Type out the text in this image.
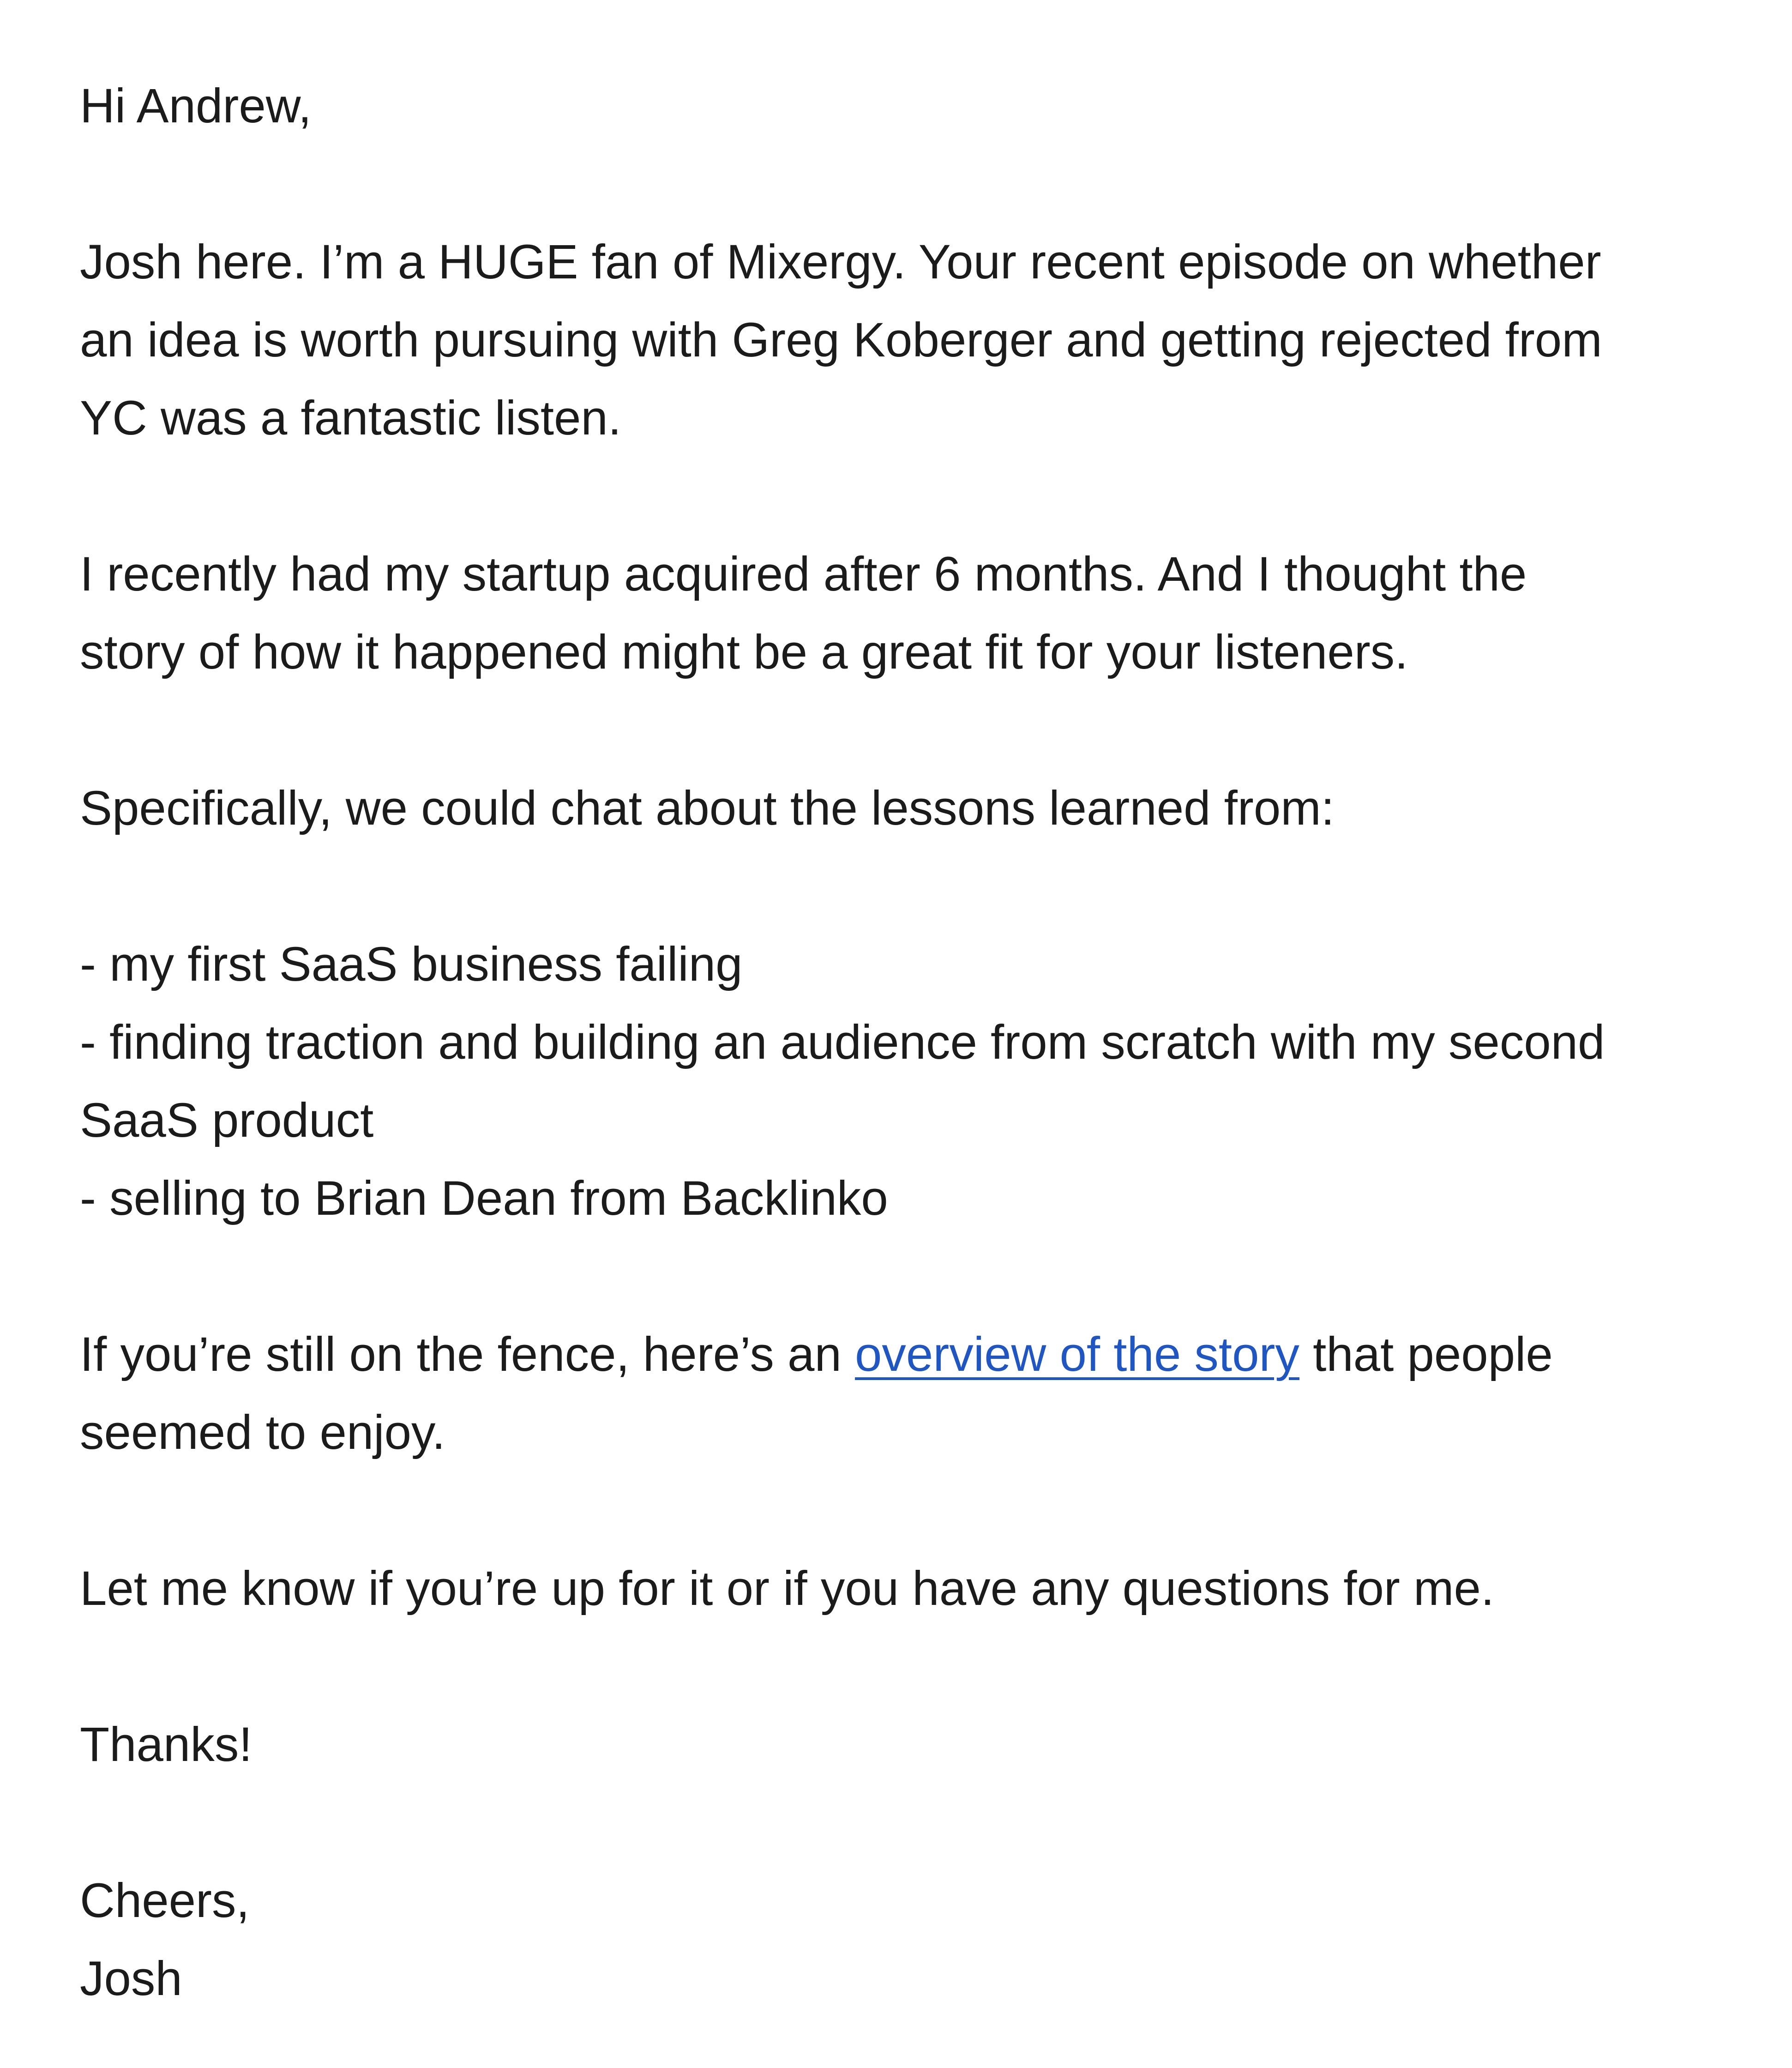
Hi Andrew,

Josh here. I’m a HUGE fan of Mixergy. Your recent episode on whether

an idea is worth pursuing with Greg Koberger and getting rejected from

YC was a fantastic listen.

I recently had my startup acquired after 6 months. And I thought the

story of how it happened might be a great fit for your listeners.

Specifically, we could chat about the lessons learned from:

- my first SaaS business failing

- finding traction and building an audience from scratch with my second

SaaS product

- selling to Brian Dean from Backlinko

If you’re still on the fence, here’s an overview of the story that people

seemed to enjoy.

Let me know if you’re up for it or if you have any questions for me.

Thanks!

Cheers,

Josh
